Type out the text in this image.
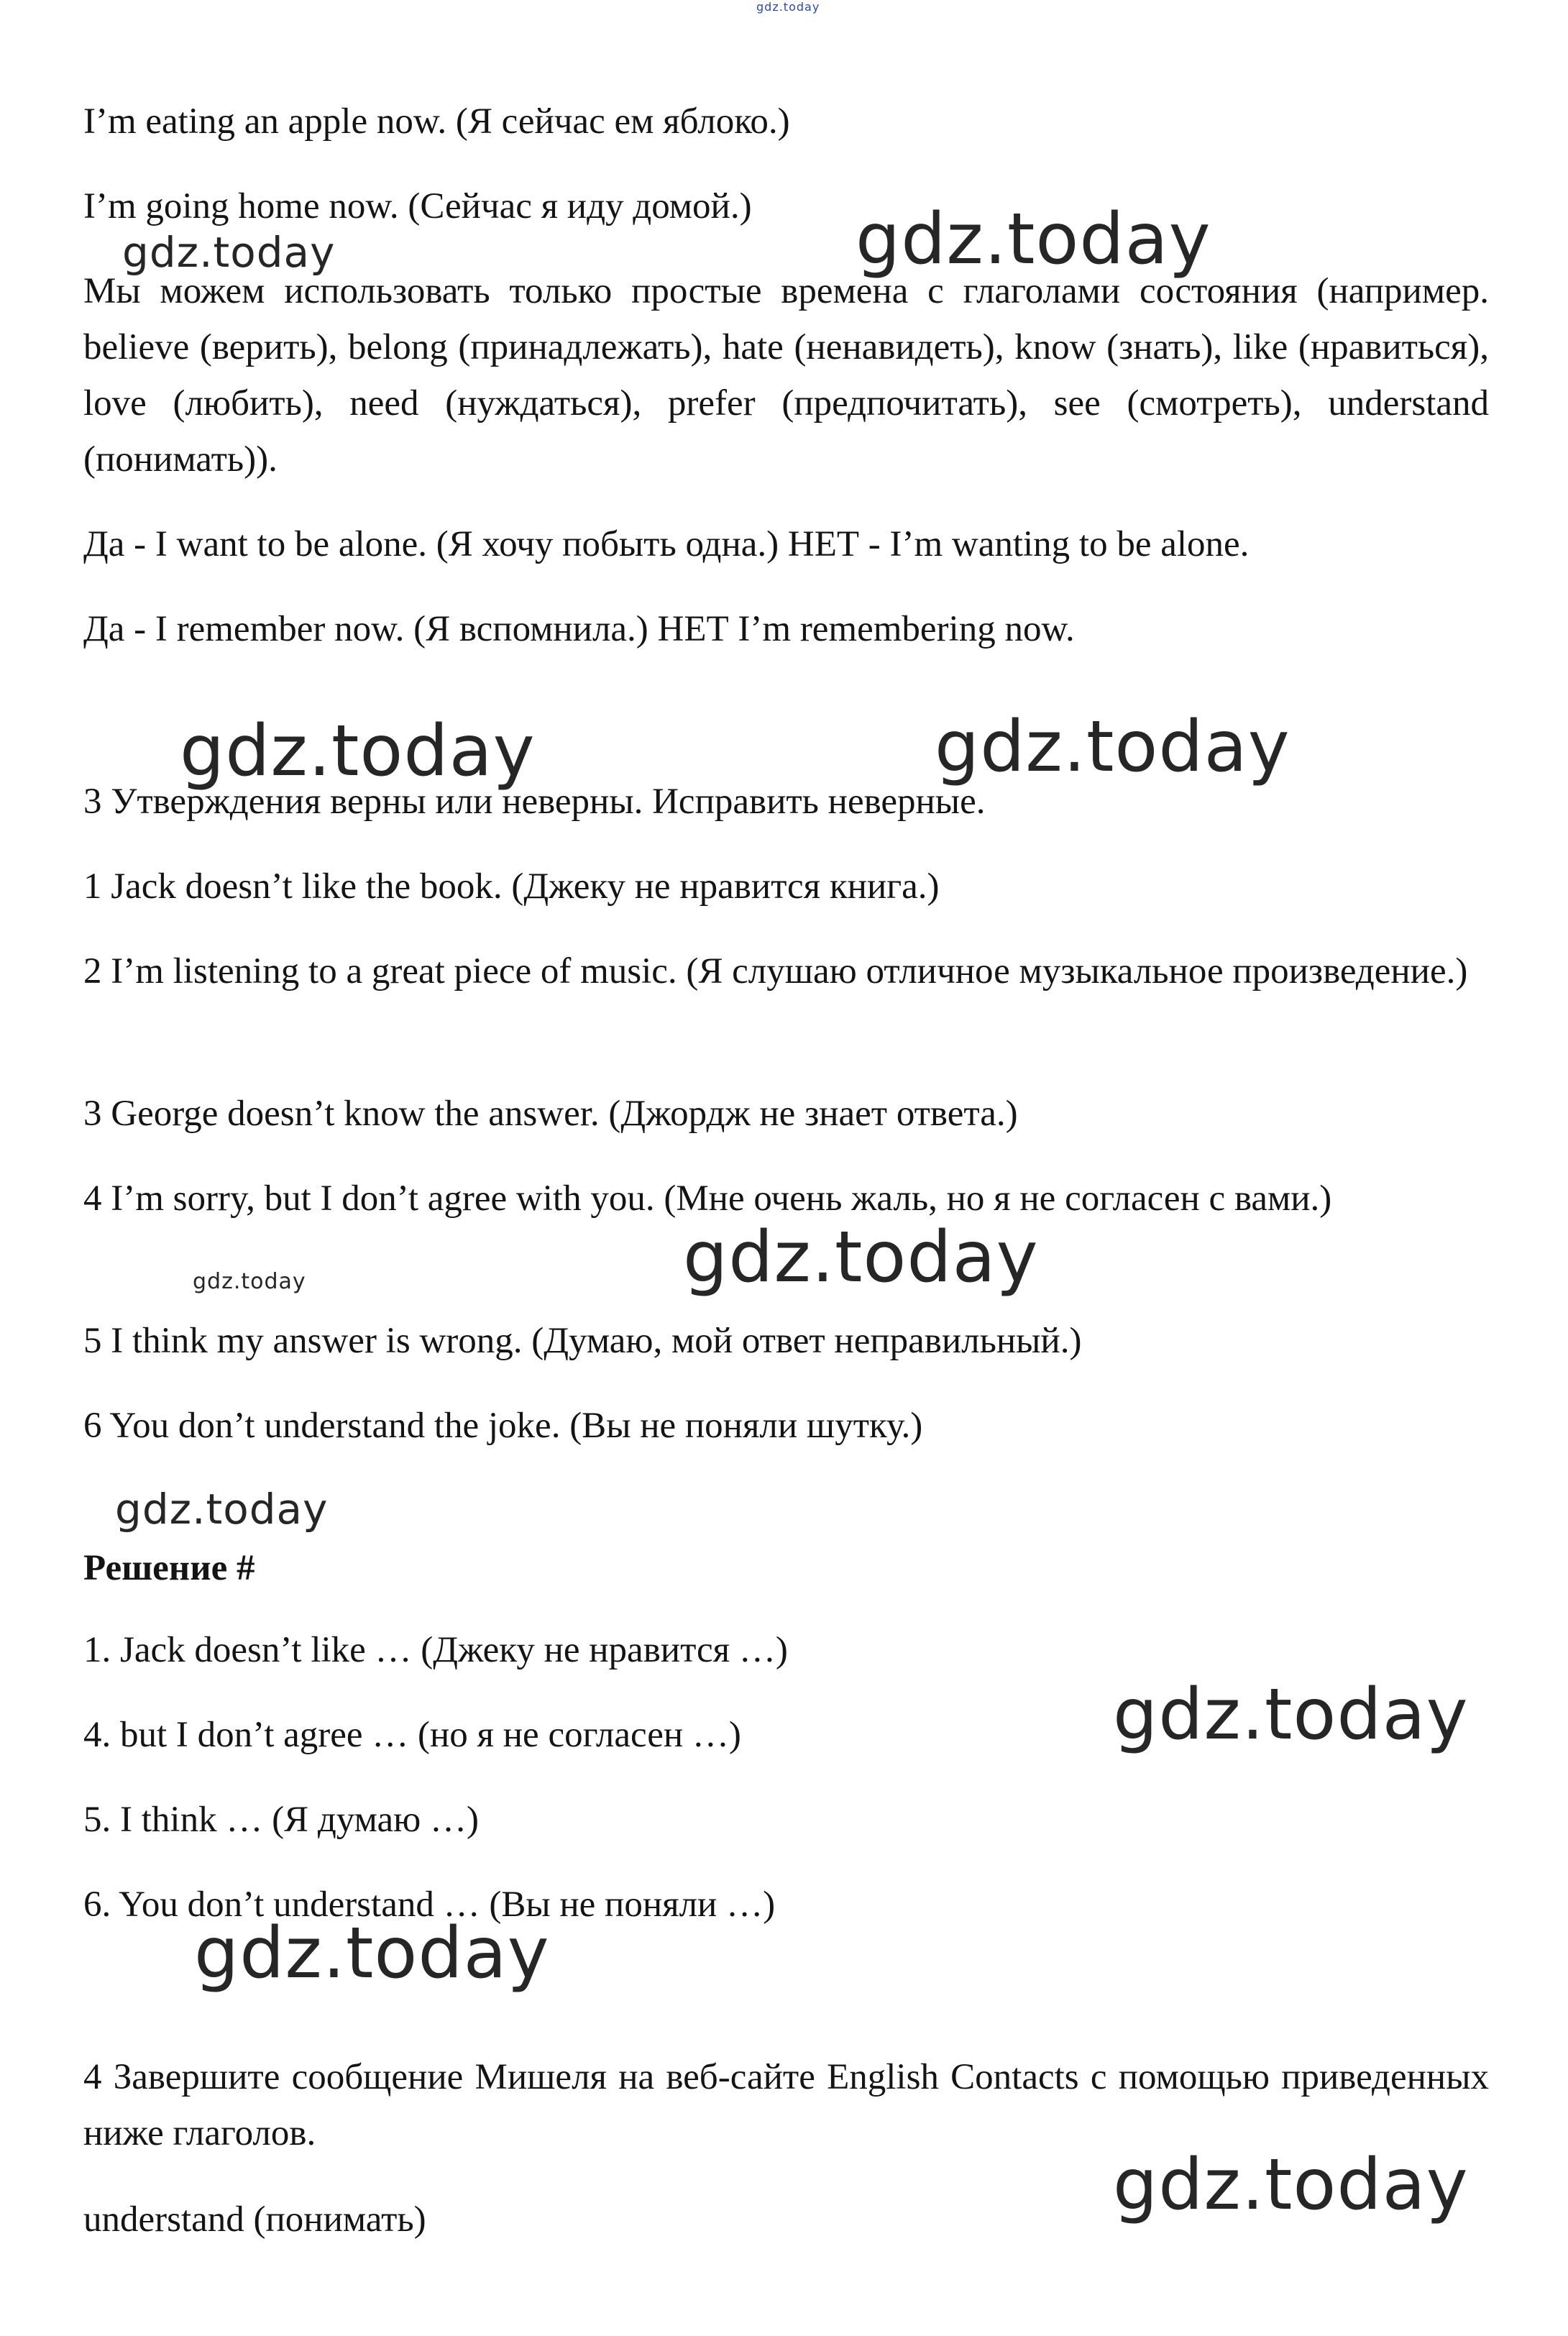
gdz.today

I’m eating an apple now. (Я сейчас ем яблоко.)

I’m going home now. (Сейчас я иду домой.)

Мы можем использовать только простые времена с глаголами состояния (например. believe (верить), belong (принадлежать), hate (ненавидеть), know (знать), like (нравиться), love (любить), need (нуждаться), prefer (предпочитать), see (смотреть), understand (понимать)).

Да - I want to be alone. (Я хочу побыть одна.) НЕТ - I’m wanting to be alone.

Да - I remember now. (Я вспомнила.) НЕТ I’m remembering now.

3 Утверждения верны или неверны. Исправить неверные.

1 Jack doesn’t like the book. (Джеку не нравится книга.)

2 I’m listening to a great piece of music. (Я слушаю отличное музыкальное произведение.)

3 George doesn’t know the answer. (Джордж не знает ответа.)

4 I’m sorry, but I don’t agree with you. (Мне очень жаль, но я не согласен с вами.)

5 I think my answer is wrong. (Думаю, мой ответ неправильный.)

6 You don’t understand the joke. (Вы не поняли шутку.)

Решение #

1. Jack doesn’t like … (Джеку не нравится …)

4. but I don’t agree … (но я не согласен …)

5. I think … (Я думаю …)

6. You don’t understand … (Вы не поняли …)

4 Завершите сообщение Мишеля на веб-сайте English Contacts с помощью приведенных ниже глаголов.

understand (понимать)

gdz.today	gdz.today
gdz.today	gdz.today
gdz.today
gdz.today
gdz.today
gdz.today
gdz.today
gdz.today
